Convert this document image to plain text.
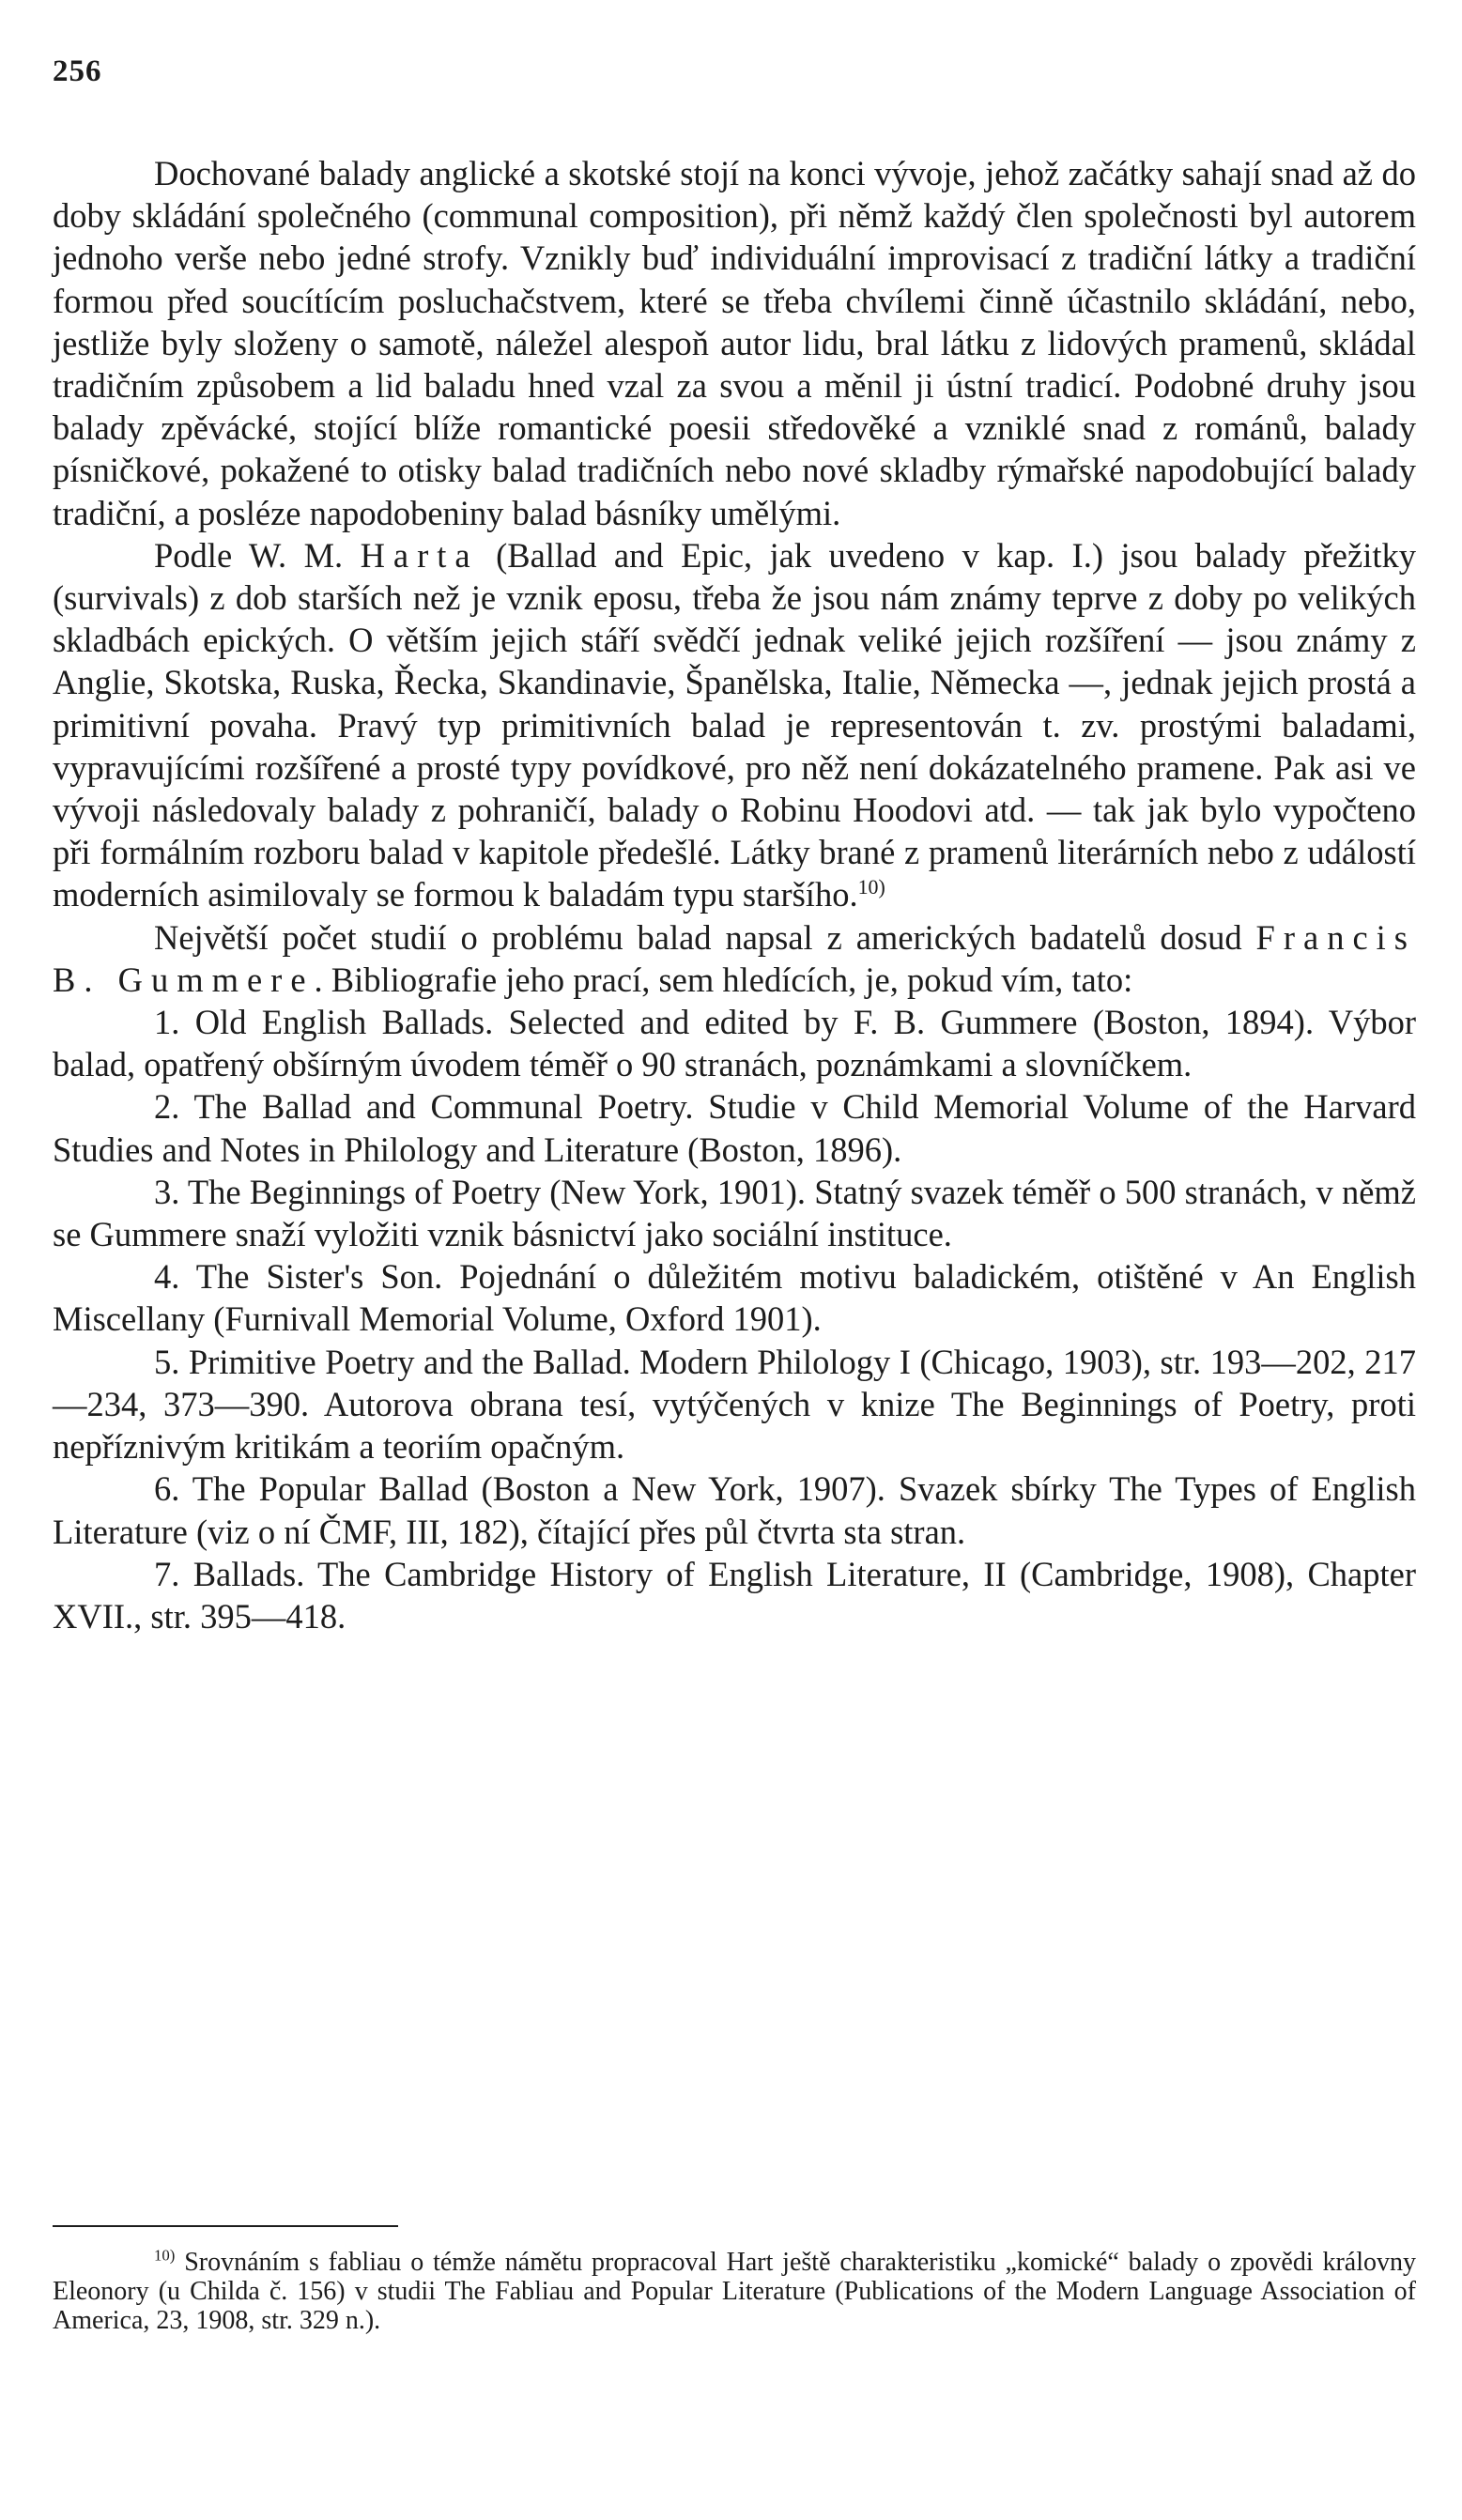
256

Dochované balady anglické a skotské stojí na konci vývoje, jehož začátky sahají snad až do doby skládání společného (communal composition), při němž každý člen společnosti byl autorem jednoho verše nebo jedné strofy. Vznikly buď individuální improvisací z tradiční látky a tradiční formou před soucítícím posluchačstvem, které se třeba chvílemi činně účastnilo skládání, nebo, jestliže byly složeny o samotě, náležel alespoň autor lidu, bral látku z lidových pramenů, skládal tradičním způsobem a lid baladu hned vzal za svou a měnil ji ústní tradicí. Podobné druhy jsou balady zpěvácké, stojící blíže romantické poesii středověké a vzniklé snad z románů, balady písničkové, pokažené to otisky balad tradičních nebo nové skladby rýmařské napodobující balady tradiční, a posléze napodobeniny balad básníky umělými.

Podle W. M. Harta (Ballad and Epic, jak uvedeno v kap. I.) jsou balady přežitky (survivals) z dob starších než je vznik eposu, třeba že jsou nám známy teprve z doby po velikých skladbách epických. O větším jejich stáří svědčí jednak veliké jejich rozšíření — jsou známy z Anglie, Skotska, Ruska, Řecka, Skandinavie, Španělska, Italie, Německa —, jednak jejich prostá a primitivní povaha. Pravý typ primitivních balad je representován t. zv. prostými baladami, vypravujícími rozšířené a prosté typy povídkové, pro něž není dokázatelného pramene. Pak asi ve vývoji následovaly balady z pohraničí, balady o Robinu Hoodovi atd. — tak jak bylo vypočteno při formálním rozboru balad v kapitole předešlé. Látky brané z pramenů literárních nebo z událostí moderních asimilovaly se formou k baladám typu staršího.$^{10)}$

Největší počet studií o problému balad napsal z amerických badatelů dosud Francis B. Gummere. Bibliografie jeho prací, sem hledících, je, pokud vím, tato:

1. Old English Ballads. Selected and edited by F. B. Gummere (Boston, 1894). Výbor balad, opatřený obšírným úvodem téměř o 90 stranách, poznámkami a slovníčkem.

2. The Ballad and Communal Poetry. Studie v Child Memorial Volume of the Harvard Studies and Notes in Philology and Literature (Boston, 1896).

3. The Beginnings of Poetry (New York, 1901). Statný svazek téměř o 500 stranách, v němž se Gummere snaží vyložiti vznik básnictví jako sociální instituce.

4. The Sister's Son. Pojednání o důležitém motivu baladickém, otištěné v An English Miscellany (Furnivall Memorial Volume, Oxford 1901).

5. Primitive Poetry and the Ballad. Modern Philology I (Chicago, 1903), str. 193—202, 217—234, 373—390. Autorova obrana tesí, vytýčených v knize The Beginnings of Poetry, proti nepříznivým kritikám a teoriím opačným.

6. The Popular Ballad (Boston a New York, 1907). Svazek sbírky The Types of English Literature (viz o ní ČMF, III, 182), čítající přes půl čtvrta sta stran.

7. Ballads. The Cambridge History of English Literature, II (Cambridge, 1908), Chapter XVII., str. 395—418.

$^{10)}$ Srovnáním s fabliau o témže námětu propracoval Hart ještě charakteristiku „komické“ balady o zpovědi královny Eleonory (u Childa č. 156) v studii The Fabliau and Popular Literature (Publications of the Modern Language Association of America, 23, 1908, str. 329 n.).
